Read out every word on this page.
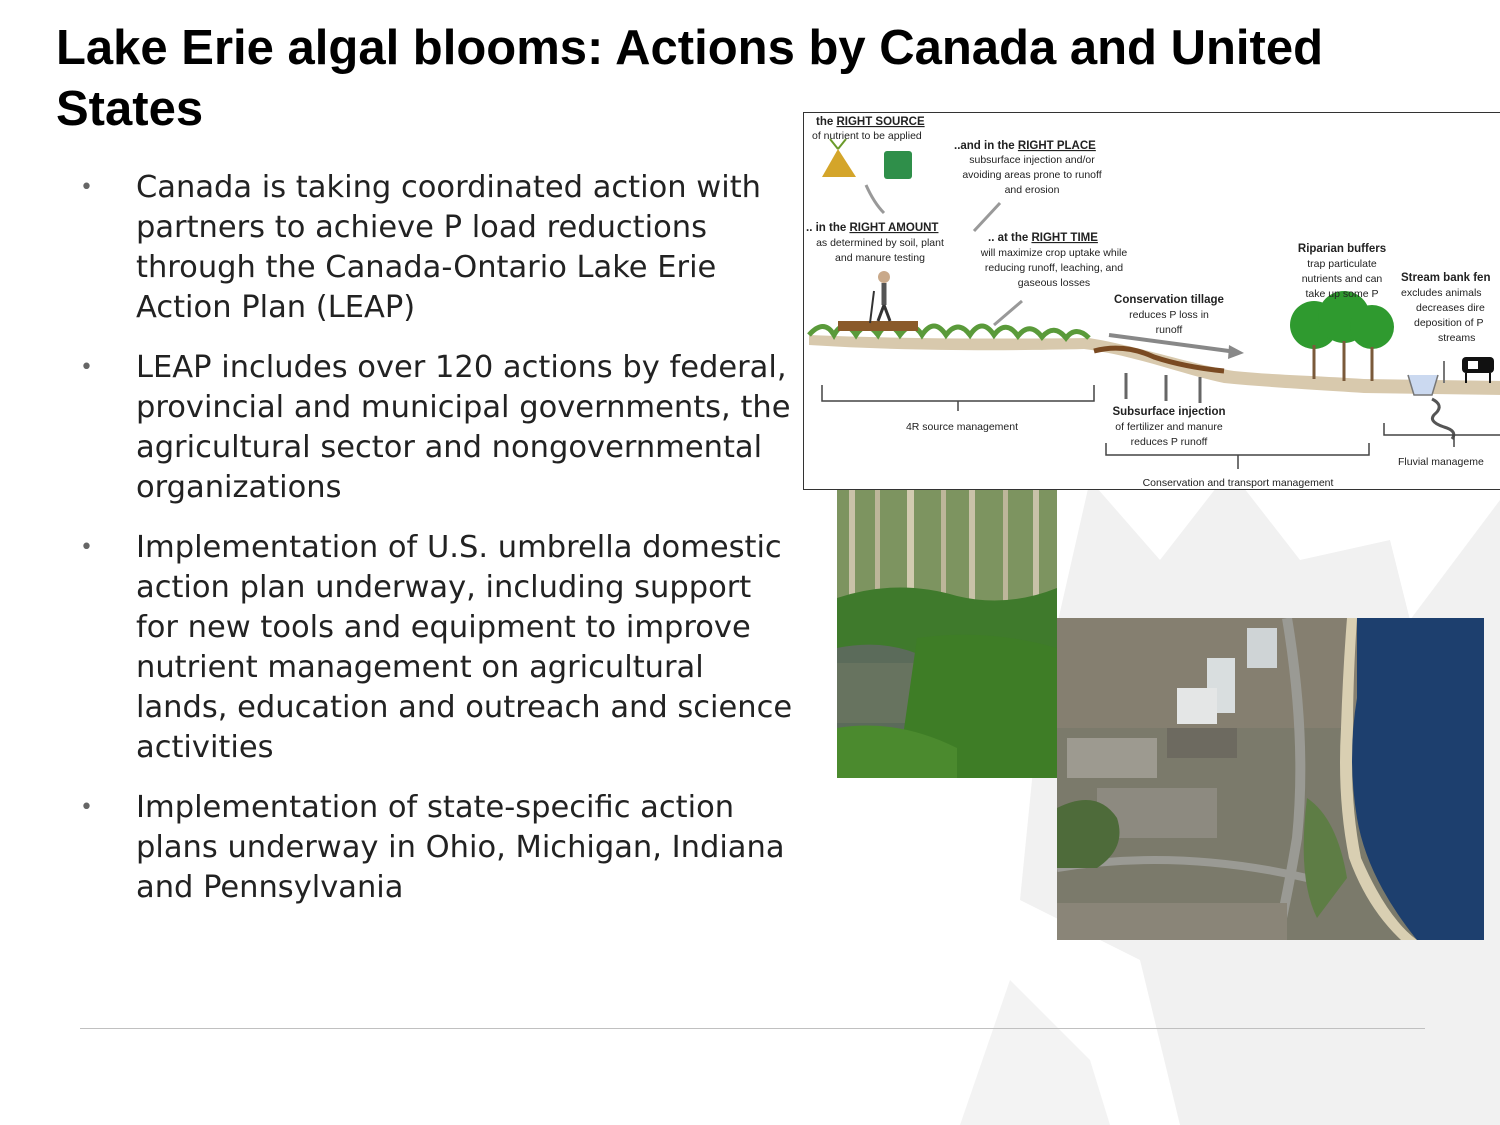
Lake Erie algal blooms: Actions by Canada and United States
• Canada is taking coordinated action with partners to achieve P load reductions through the Canada-Ontario Lake Erie Action Plan (LEAP)
• LEAP includes over 120 actions by federal, provincial and municipal governments, the agricultural sector and nongovernmental organizations
• Implementation of U.S. umbrella domestic action plan underway, including support for new tools and equipment to improve nutrient management on agricultural lands, education and outreach and science activities
• Implementation of state-specific action plans underway in Ohio, Michigan, Indiana and Pennsylvania
the RIGHT SOURCE
of nutrient to be applied
..and in the RIGHT PLACE
subsurface injection and/or
avoiding areas prone to runoff
and erosion
.. in the RIGHT AMOUNT
as determined by soil, plant
and manure testing
.. at the RIGHT TIME
will maximize crop uptake while
reducing runoff, leaching, and
gaseous losses
Conservation tillage
reduces P loss in
runoff
Riparian buffers
trap particulate
nutrients and can
take up some P
Stream bank fen
excludes animals
decreases dire
deposition of P
streams
Subsurface injection
of fertilizer and manure
reduces P runoff
4R source management
Conservation and transport management
Fluvial manageme
